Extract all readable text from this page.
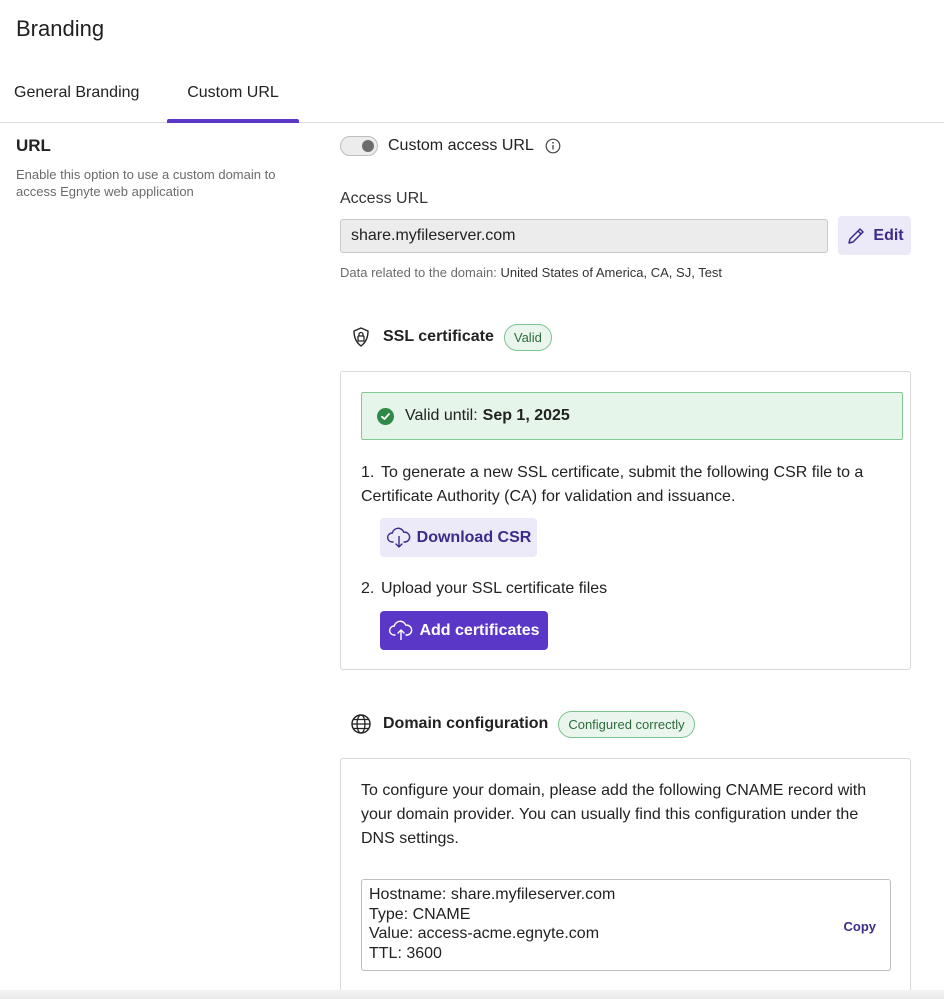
Branding
General Branding	Custom URL
URL
Enable this option to use a custom domain to access Egnyte web application
Custom access URL
Access URL
share.myfileserver.com
Edit
Data related to the domain: United States of America, CA, SJ, Test
SSL certificate	Valid
Valid until: Sep 1, 2025
1. To generate a new SSL certificate, submit the following CSR file to a Certificate Authority (CA) for validation and issuance.
Download CSR
2. Upload your SSL certificate files
Add certificates
Domain configuration	Configured correctly
To configure your domain, please add the following CNAME record with your domain provider. You can usually find this configuration under the DNS settings.
Hostname: share.myfileserver.com
Type: CNAME
Value: access-acme.egnyte.com
TTL: 3600
Copy
